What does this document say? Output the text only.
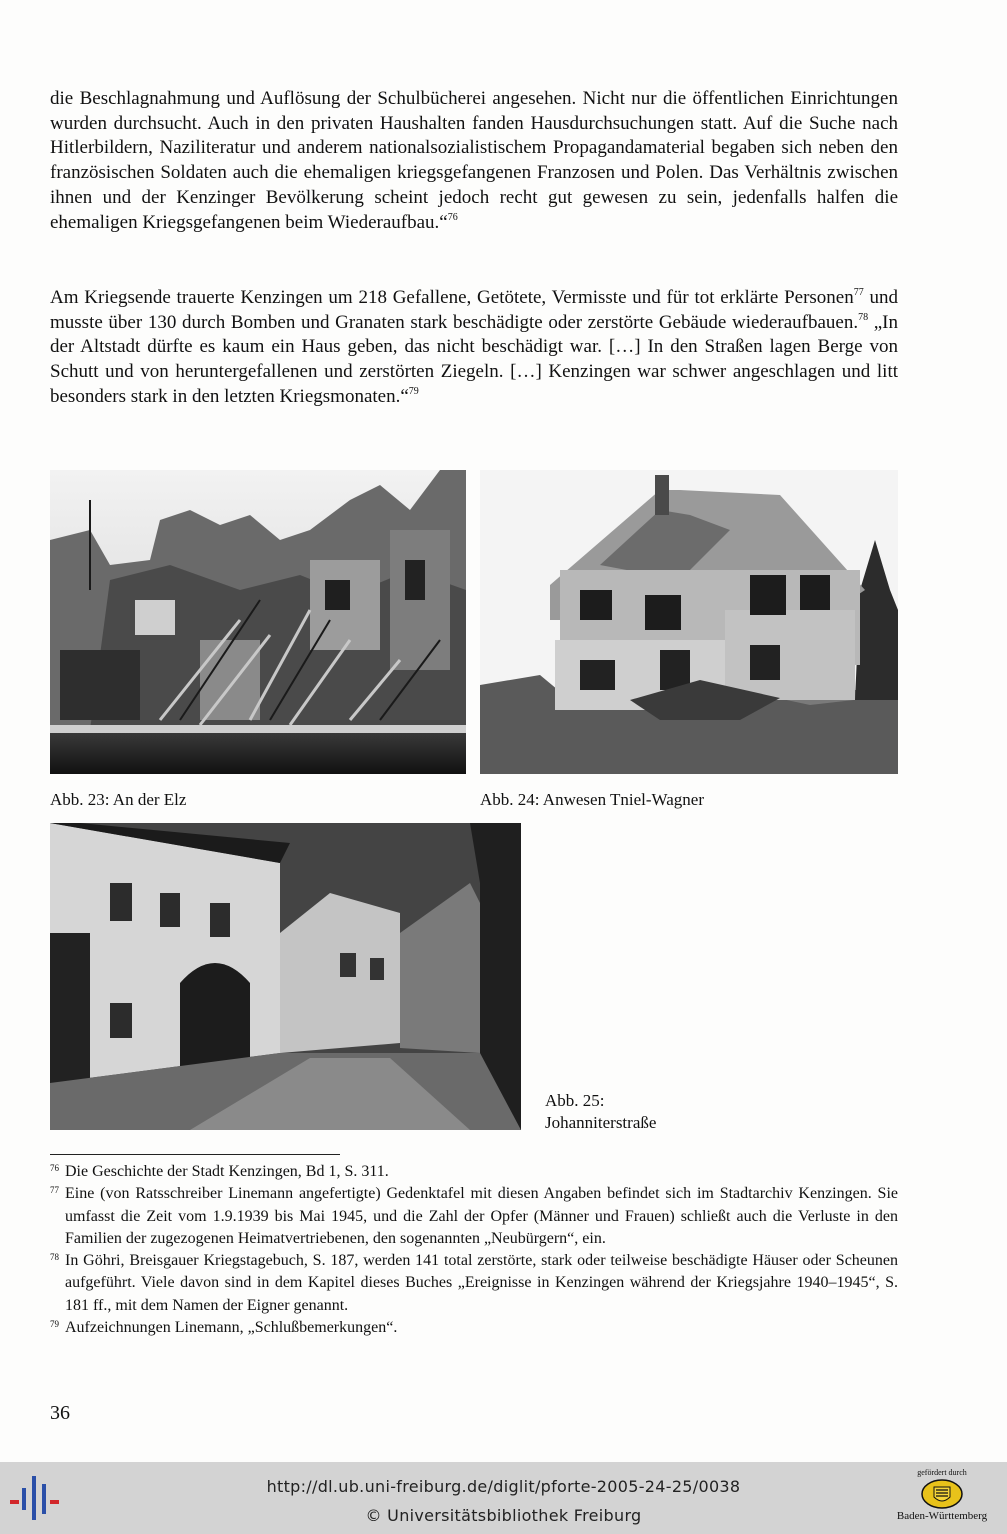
die Beschlagnahmung und Auflösung der Schulbücherei angesehen. Nicht nur die öffentlichen Einrichtungen wurden durchsucht. Auch in den privaten Haushalten fanden Hausdurchsuchungen statt. Auf die Suche nach Hitlerbildern, Naziliteratur und anderem nationalsozialistischem Propagandamaterial begaben sich neben den französischen Soldaten auch die ehemaligen kriegsgefangenen Franzosen und Polen. Das Verhältnis zwischen ihnen und der Kenzinger Bevölkerung scheint jedoch recht gut gewesen zu sein, jedenfalls halfen die ehemaligen Kriegsgefangenen beim Wiederaufbau.“$^{76}$

Am Kriegsende trauerte Kenzingen um 218 Gefallene, Getötete, Vermisste und für tot erklärte Personen$^{77}$ und musste über 130 durch Bomben und Granaten stark beschädigte oder zerstörte Gebäude wiederaufbauen.$^{78}$ „In der Altstadt dürfte es kaum ein Haus geben, das nicht beschädigt war. […] In den Straßen lagen Berge von Schutt und von heruntergefallenen und zerstörten Ziegeln. […] Kenzingen war schwer angeschlagen und litt besonders stark in den letzten Kriegsmonaten.“$^{79}$

Abb. 23: An der Elz	Abb. 24: Anwesen Tniel-Wagner

Abb. 25:
Johanniterstraße

76 Die Geschichte der Stadt Kenzingen, Bd 1, S. 311.

77 Eine (von Ratsschreiber Linemann angefertigte) Gedenktafel mit diesen Angaben befindet sich im Stadtarchiv Kenzingen. Sie umfasst die Zeit vom 1.9.1939 bis Mai 1945, und die Zahl der Opfer (Männer und Frauen) schließt auch die Verluste in den Familien der zugezogenen Heimatvertriebenen, den sogenannten „Neubürgern“, ein.

78 In Göhri, Breisgauer Kriegstagebuch, S. 187, werden 141 total zerstörte, stark oder teilweise beschädigte Häuser oder Scheunen aufgeführt. Viele davon sind in dem Kapitel dieses Buches „Ereignisse in Kenzingen während der Kriegsjahre 1940–1945“, S. 181 ff., mit dem Namen der Eigner genannt.

79 Aufzeichnungen Linemann, „Schlußbemerkungen“.

36

http://dl.ub.uni-freiburg.de/diglit/pforte-2005-24-25/0038
© Universitätsbibliothek Freiburg
gefördert durch
Baden-Württemberg
